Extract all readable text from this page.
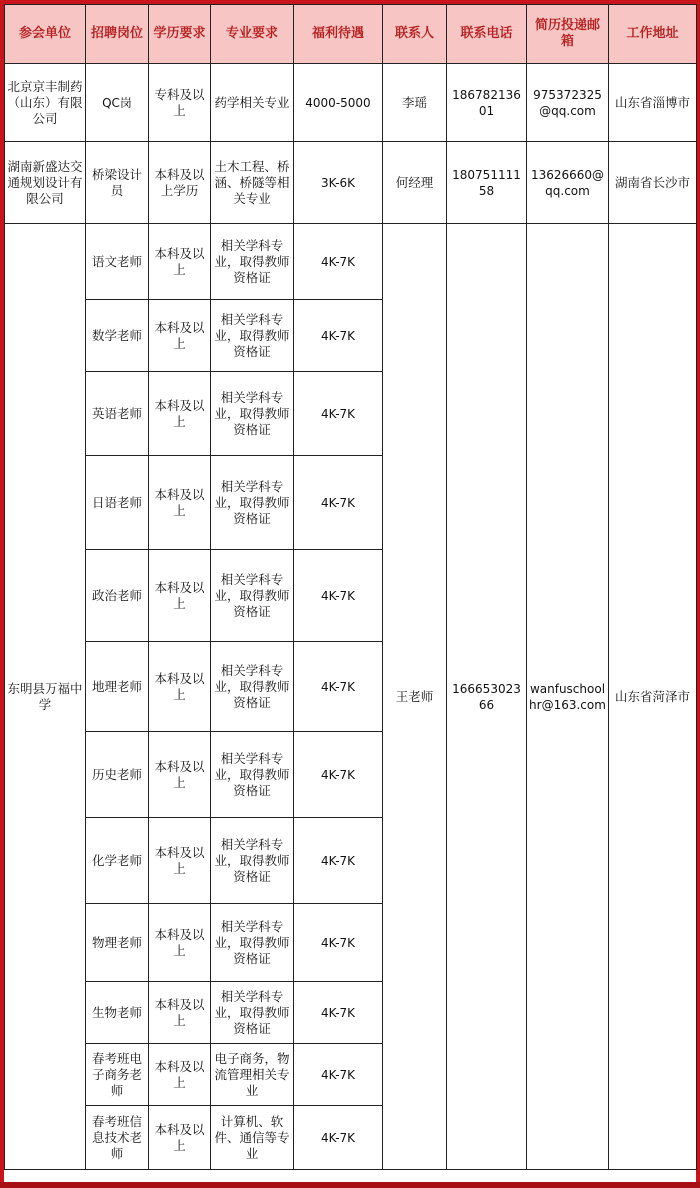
参会单位	招聘岗位	学历要求	专业要求	福利待遇	联系人	联系电话	简历投递邮箱	工作地址
北京京丰制药（山东）有限公司	QC岗	专科及以上	药学相关专业	4000-5000	李瑶	18678213601	975372325@qq.com	山东省淄博市
湖南新盛达交通规划设计有限公司	桥梁设计员	本科及以上学历	土木工程、桥涵、桥隧等相关专业	3K-6K	何经理	18075111158	13626660@qq.com	湖南省长沙市
东明县万福中学	语文老师	本科及以上	相关学科专业，取得教师资格证	4K-7K	王老师	16665302366	wanfuschoolhr@163.com	山东省菏泽市
	数学老师	本科及以上	相关学科专业，取得教师资格证	4K-7K				
	英语老师	本科及以上	相关学科专业，取得教师资格证	4K-7K				
	日语老师	本科及以上	相关学科专业，取得教师资格证	4K-7K				
	政治老师	本科及以上	相关学科专业，取得教师资格证	4K-7K				
	地理老师	本科及以上	相关学科专业，取得教师资格证	4K-7K				
	历史老师	本科及以上	相关学科专业，取得教师资格证	4K-7K				
	化学老师	本科及以上	相关学科专业，取得教师资格证	4K-7K				
	物理老师	本科及以上	相关学科专业，取得教师资格证	4K-7K				
	生物老师	本科及以上	相关学科专业，取得教师资格证	4K-7K				
	春考班电子商务老师	本科及以上	电子商务，物流管理相关专业	4K-7K				
	春考班信息技术老师	本科及以上	计算机、软件、通信等专业	4K-7K				
